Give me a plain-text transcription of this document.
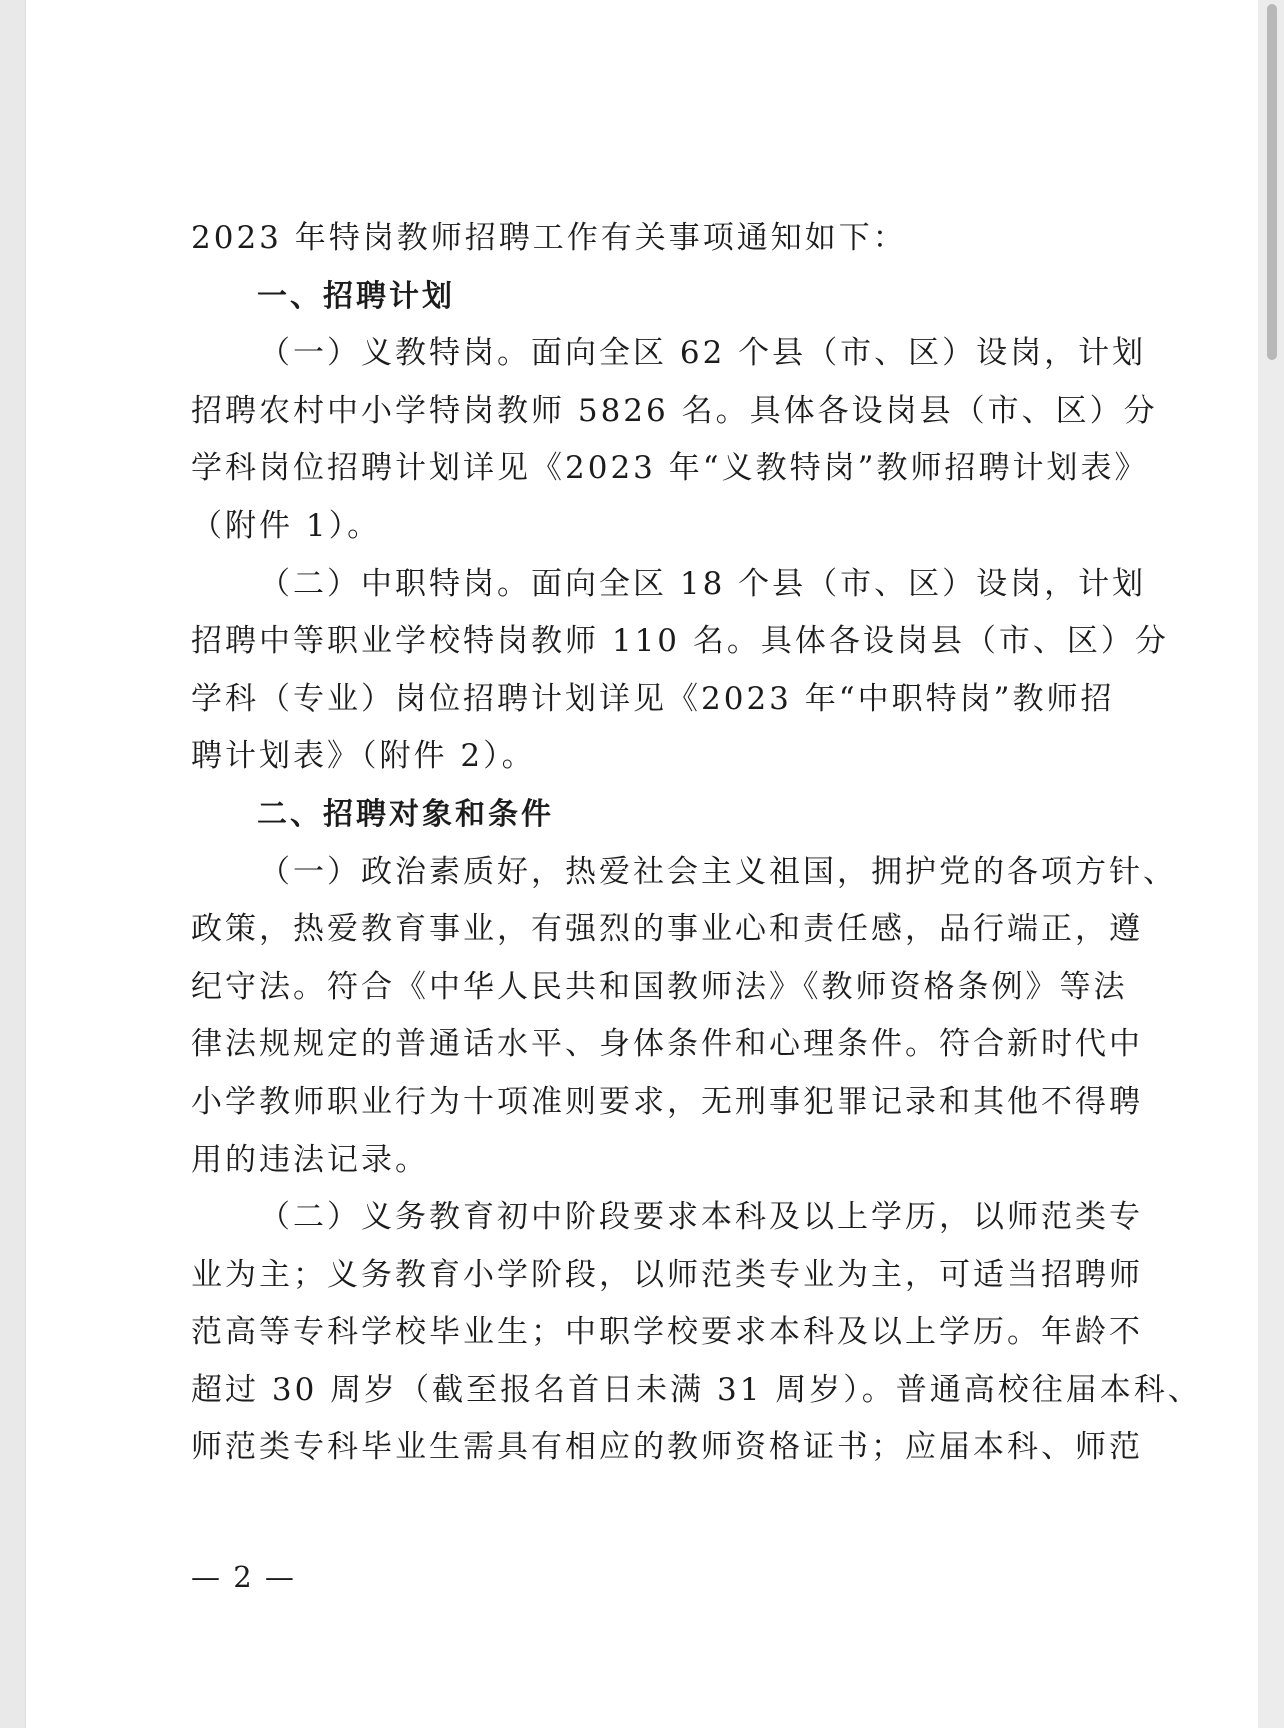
2023 年特岗教师招聘工作有关事项通知如下：
一、招聘计划
（一）义教特岗。面向全区 62 个县（市、区）设岗，计划
招聘农村中小学特岗教师 5826 名。具体各设岗县（市、区）分
学科岗位招聘计划详见《2023 年“义教特岗”教师招聘计划表》
（附件 1）。
（二）中职特岗。面向全区 18 个县（市、区）设岗，计划
招聘中等职业学校特岗教师 110 名。具体各设岗县（市、区）分
学科（专业）岗位招聘计划详见《2023 年“中职特岗”教师招
聘计划表》（附件 2）。
二、招聘对象和条件
（一）政治素质好，热爱社会主义祖国，拥护党的各项方针、
政策，热爱教育事业，有强烈的事业心和责任感，品行端正，遵
纪守法。符合《中华人民共和国教师法》《教师资格条例》等法
律法规规定的普通话水平、身体条件和心理条件。符合新时代中
小学教师职业行为十项准则要求，无刑事犯罪记录和其他不得聘
用的违法记录。
（二）义务教育初中阶段要求本科及以上学历，以师范类专
业为主；义务教育小学阶段，以师范类专业为主，可适当招聘师
范高等专科学校毕业生；中职学校要求本科及以上学历。年龄不
超过 30 周岁（截至报名首日未满 31 周岁）。普通高校往届本科、
师范类专科毕业生需具有相应的教师资格证书；应届本科、师范
— 2 —
